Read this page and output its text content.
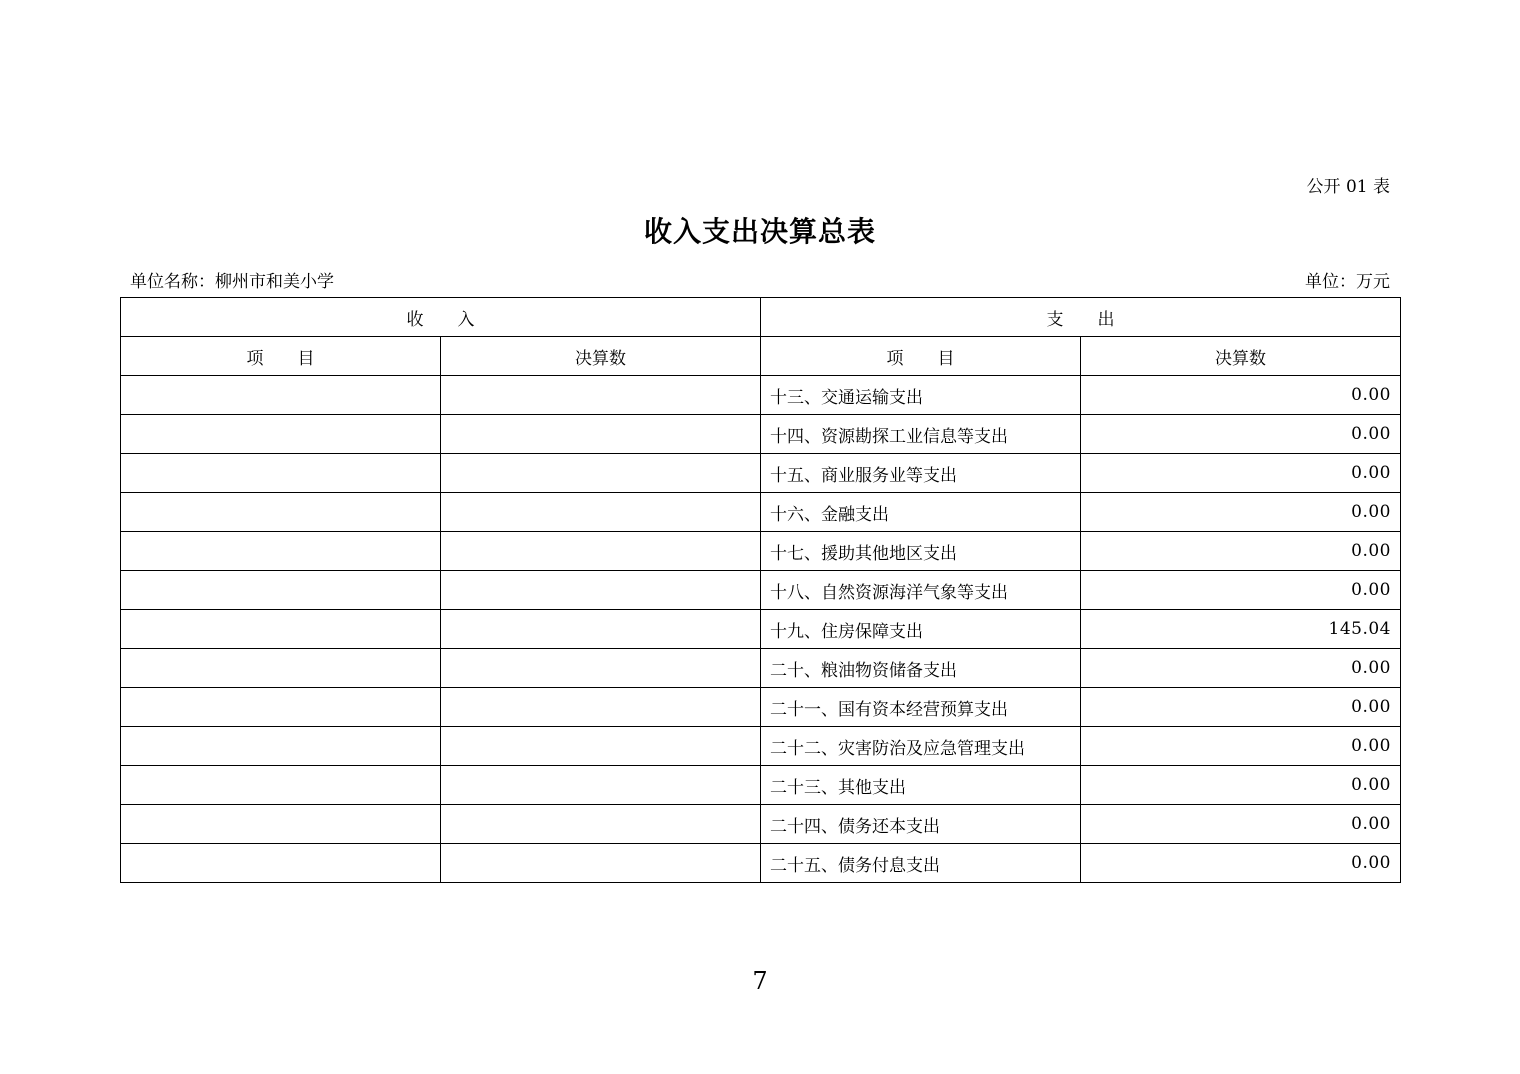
公开 01 表
收入支出决算总表
单位名称：柳州市和美小学	单位：万元
收　　入		支　　出	
项　　目	决算数	项　　目	决算数
		十三、交通运输支出	0.00
		十四、资源勘探工业信息等支出	0.00
		十五、商业服务业等支出	0.00
		十六、金融支出	0.00
		十七、援助其他地区支出	0.00
		十八、自然资源海洋气象等支出	0.00
		十九、住房保障支出	145.04
		二十、粮油物资储备支出	0.00
		二十一、国有资本经营预算支出	0.00
		二十二、灾害防治及应急管理支出	0.00
		二十三、其他支出	0.00
		二十四、债务还本支出	0.00
		二十五、债务付息支出	0.00
7
